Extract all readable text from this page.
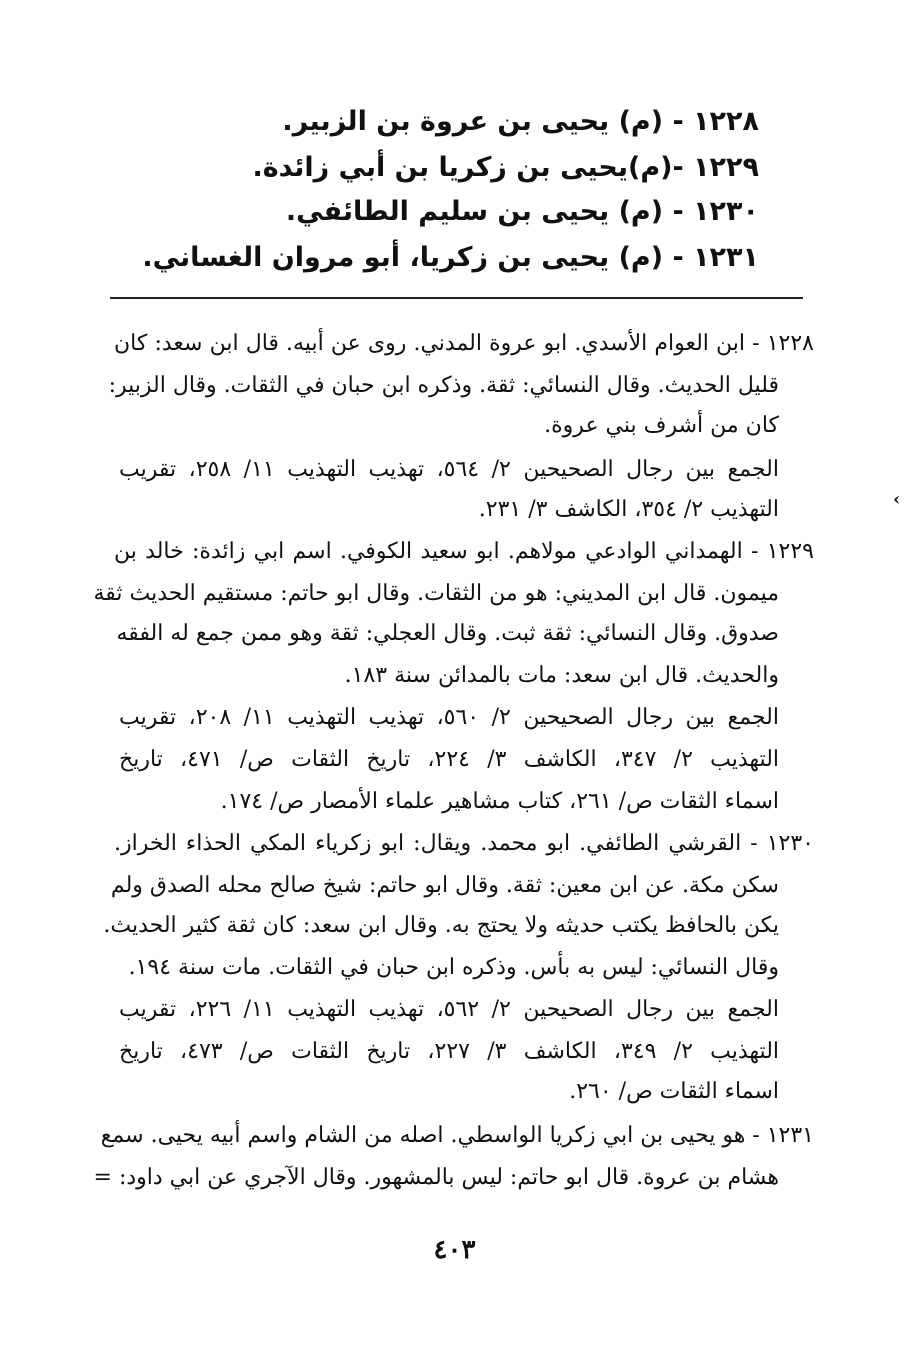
١٢٢٨ - (م) يحيى بن عروة بن الزبير.
١٢٢٩ -(م)يحيى بن زكريا بن أبي زائدة.
١٢٣٠ - (م) يحيى بن سليم الطائفي.
١٢٣١ - (م) يحيى بن زكريا، أبو مروان الغساني.
١٢٢٨ - ابن العوام الأسدي. ابو عروة المدني. روى عن أبيه. قال ابن سعد: كان
قليل الحديث. وقال النسائي: ثقة. وذكره ابن حبان في الثقات. وقال الزبير:
كان من أشرف بني عروة.
الجمع بين رجال الصحيحين ٢/ ٥٦٤، تهذيب التهذيب ١١/ ٢٥٨، تقريب
التهذيب ٢/ ٣٥٤، الكاشف ٣/ ٢٣١.
١٢٢٩ - الهمداني الوادعي مولاهم. ابو سعيد الكوفي. اسم ابي زائدة: خالد بن
ميمون. قال ابن المديني: هو من الثقات. وقال ابو حاتم: مستقيم الحديث ثقة
صدوق. وقال النسائي: ثقة ثبت. وقال العجلي: ثقة وهو ممن جمع له الفقه
والحديث. قال ابن سعد: مات بالمدائن سنة ١٨٣.
الجمع بين رجال الصحيحين ٢/ ٥٦٠، تهذيب التهذيب ١١/ ٢٠٨، تقريب
التهذيب ٢/ ٣٤٧، الكاشف ٣/ ٢٢٤، تاريخ الثقات ص/ ٤٧١، تاريخ
اسماء الثقات ص/ ٢٦١، كتاب مشاهير علماء الأمصار ص/ ١٧٤.
١٢٣٠ - القرشي الطائفي. ابو محمد. ويقال: ابو زكرياء المكي الحذاء الخراز.
سكن مكة. عن ابن معين: ثقة. وقال ابو حاتم: شيخ صالح محله الصدق ولم
يكن بالحافظ يكتب حديثه ولا يحتج به. وقال ابن سعد: كان ثقة كثير الحديث.
وقال النسائي: ليس به بأس. وذكره ابن حبان في الثقات. مات سنة ١٩٤.
الجمع بين رجال الصحيحين ٢/ ٥٦٢، تهذيب التهذيب ١١/ ٢٢٦، تقريب
التهذيب ٢/ ٣٤٩، الكاشف ٣/ ٢٢٧، تاريخ الثقات ص/ ٤٧٣، تاريخ
اسماء الثقات ص/ ٢٦٠.
١٢٣١ - هو يحيى بن ابي زكريا الواسطي. اصله من الشام واسم أبيه يحيى. سمع
هشام بن عروة. قال ابو حاتم: ليس بالمشهور. وقال الآجري عن ابي داود: =
›
٤٠٣
